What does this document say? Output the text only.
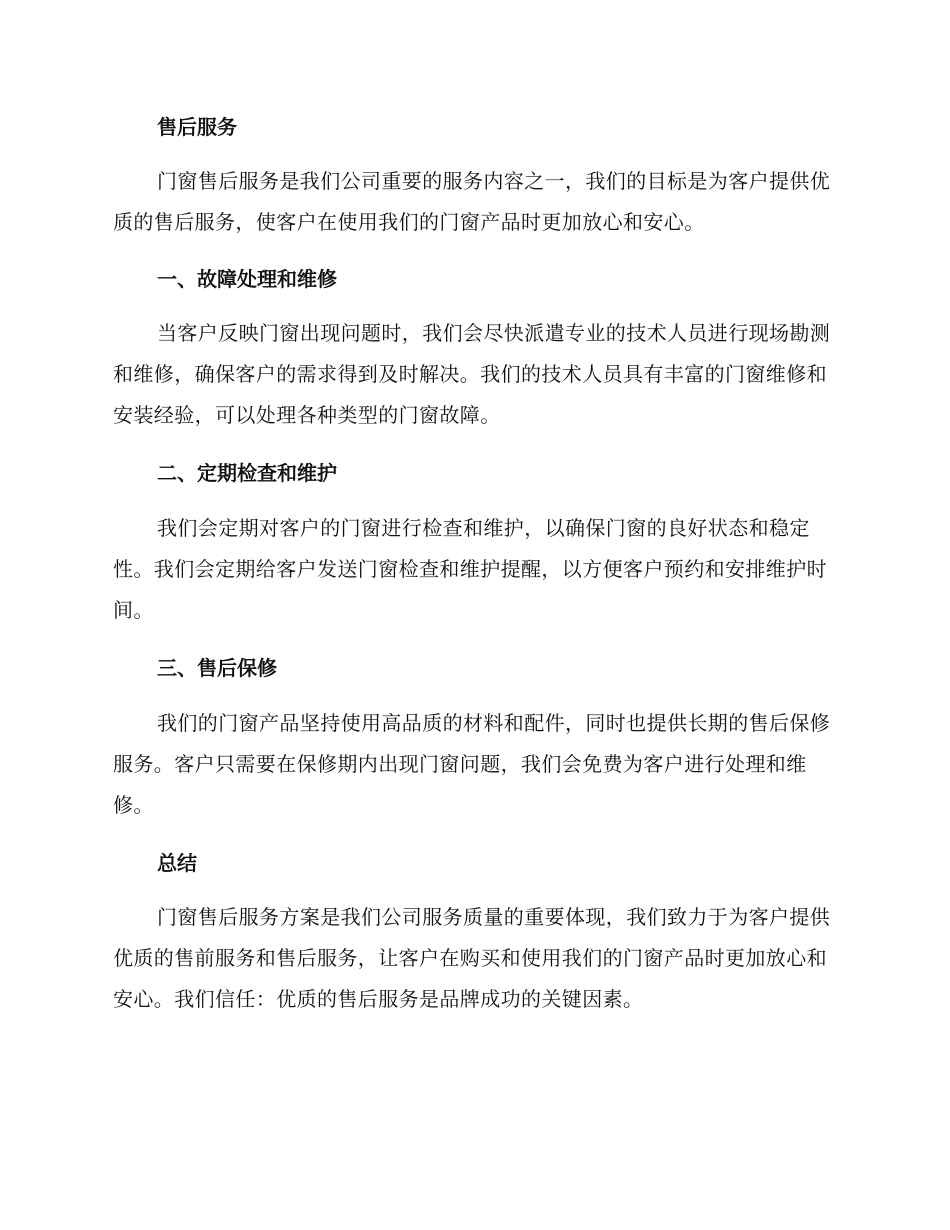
售后服务
门窗售后服务是我们公司重要的服务内容之一，我们的目标是为客户提供优质的售后服务，使客户在使用我们的门窗产品时更加放心和安心。
一、故障处理和维修
当客户反映门窗出现问题时，我们会尽快派遣专业的技术人员进行现场勘测和维修，确保客户的需求得到及时解决。我们的技术人员具有丰富的门窗维修和安装经验，可以处理各种类型的门窗故障。
二、定期检查和维护
我们会定期对客户的门窗进行检查和维护，以确保门窗的良好状态和稳定性。我们会定期给客户发送门窗检查和维护提醒，以方便客户预约和安排维护时间。
三、售后保修
我们的门窗产品坚持使用高品质的材料和配件，同时也提供长期的售后保修服务。客户只需要在保修期内出现门窗问题，我们会免费为客户进行处理和维修。
总结
门窗售后服务方案是我们公司服务质量的重要体现，我们致力于为客户提供优质的售前服务和售后服务，让客户在购买和使用我们的门窗产品时更加放心和安心。我们信任：优质的售后服务是品牌成功的关键因素。
